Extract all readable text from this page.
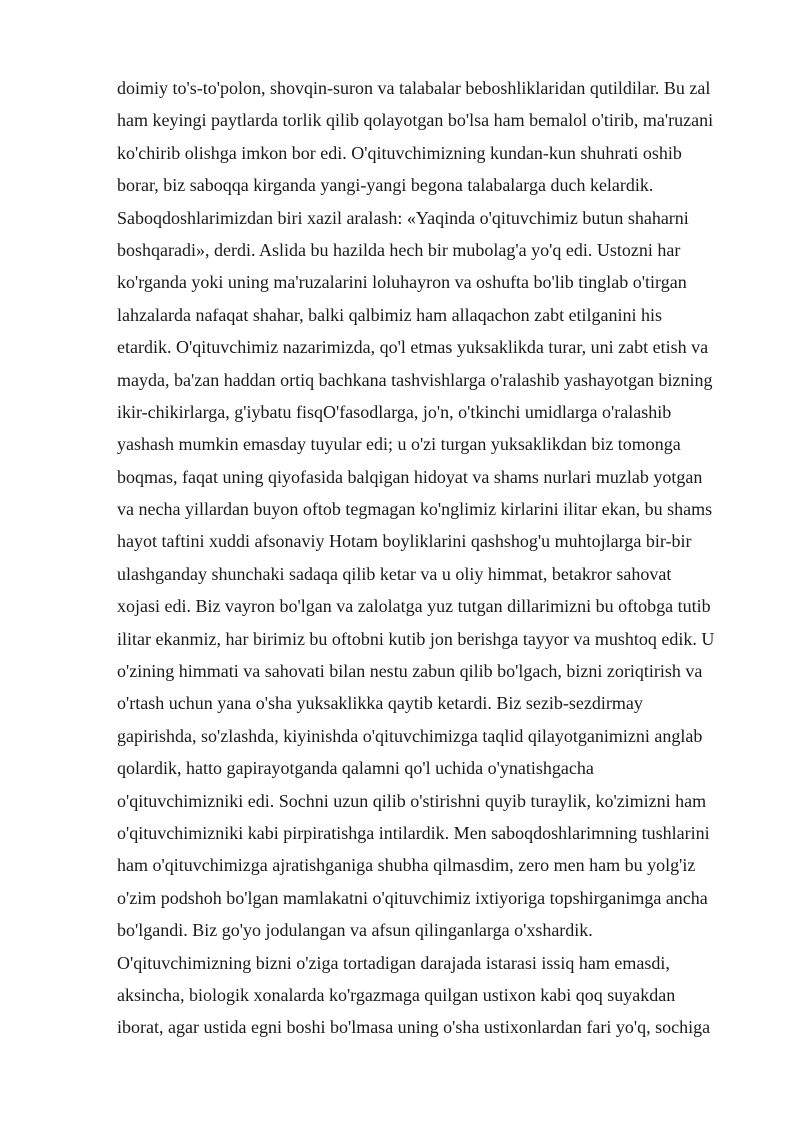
doimiy to's-to'polon, shovqin-suron va talabalar beboshliklaridan qutildilar. Bu zal
ham keyingi paytlarda torlik qilib qolayotgan bo'lsa ham bemalol o'tirib, ma'ruzani
ko'chirib olishga imkon bor edi. O'qituvchimizning kundan-kun shuhrati oshib
borar, biz saboqqa kirganda yangi-yangi begona talabalarga duch kelardik.
Saboqdoshlarimizdan biri xazil aralash: «Yaqinda o'qituvchimiz butun shaharni
boshqaradi», derdi. Aslida bu hazilda hech bir mubolag'a yo'q edi. Ustozni har
ko'rganda yoki uning ma'ruzalarini loluhayron va oshufta bo'lib tinglab o'tirgan
lahzalarda nafaqat shahar, balki qalbimiz ham allaqachon zabt etilganini his
etardik. O'qituvchimiz nazarimizda, qo'l etmas yuksaklikda turar, uni zabt etish va
mayda, ba'zan haddan ortiq bachkana tashvishlarga o'ralashib yashayotgan bizning
ikir-chikirlarga, g'iybatu fisqO'fasodlarga, jo'n, o'tkinchi umidlarga o'ralashib
yashash mumkin emasday tuyular edi; u o'zi turgan yuksaklikdan biz tomonga
boqmas, faqat uning qiyofasida balqigan hidoyat va shams nurlari muzlab yotgan
va necha yillardan buyon oftob tegmagan ko'nglimiz kirlarini ilitar ekan, bu shams
hayot taftini xuddi afsonaviy Hotam boyliklarini qashshog'u muhtojlarga bir-bir
ulashganday shunchaki sadaqa qilib ketar va u oliy himmat, betakror sahovat
xojasi edi. Biz vayron bo'lgan va zalolatga yuz tutgan dillarimizni bu oftobga tutib
ilitar ekanmiz, har birimiz bu oftobni kutib jon berishga tayyor va mushtoq edik. U
o'zining himmati va sahovati bilan nestu zabun qilib bo'lgach, bizni zoriqtirish va
o'rtash uchun yana o'sha yuksaklikka qaytib ketardi. Biz sezib-sezdirmay
gapirishda, so'zlashda, kiyinishda o'qituvchimizga taqlid qilayotganimizni anglab
qolardik, hatto gapirayotganda qalamni qo'l uchida o'ynatishgacha
o'qituvchimizniki edi. Sochni uzun qilib o'stirishni quyib turaylik, ko'zimizni ham
o'qituvchimizniki kabi pirpiratishga intilardik. Men saboqdoshlarimning tushlarini
ham o'qituvchimizga ajratishganiga shubha qilmasdim, zero men ham bu yolg'iz
o'zim podshoh bo'lgan mamlakatni o'qituvchimiz ixtiyoriga topshirganimga ancha
bo'lgandi. Biz go'yo jodulangan va afsun qilinganlarga o'xshardik.
O'qituvchimizning bizni o'ziga tortadigan darajada istarasi issiq ham emasdi,
aksincha, biologik xonalarda ko'rgazmaga quilgan ustixon kabi qoq suyakdan
iborat, agar ustida egni boshi bo'lmasa uning o'sha ustixonlardan fari yo'q, sochiga
